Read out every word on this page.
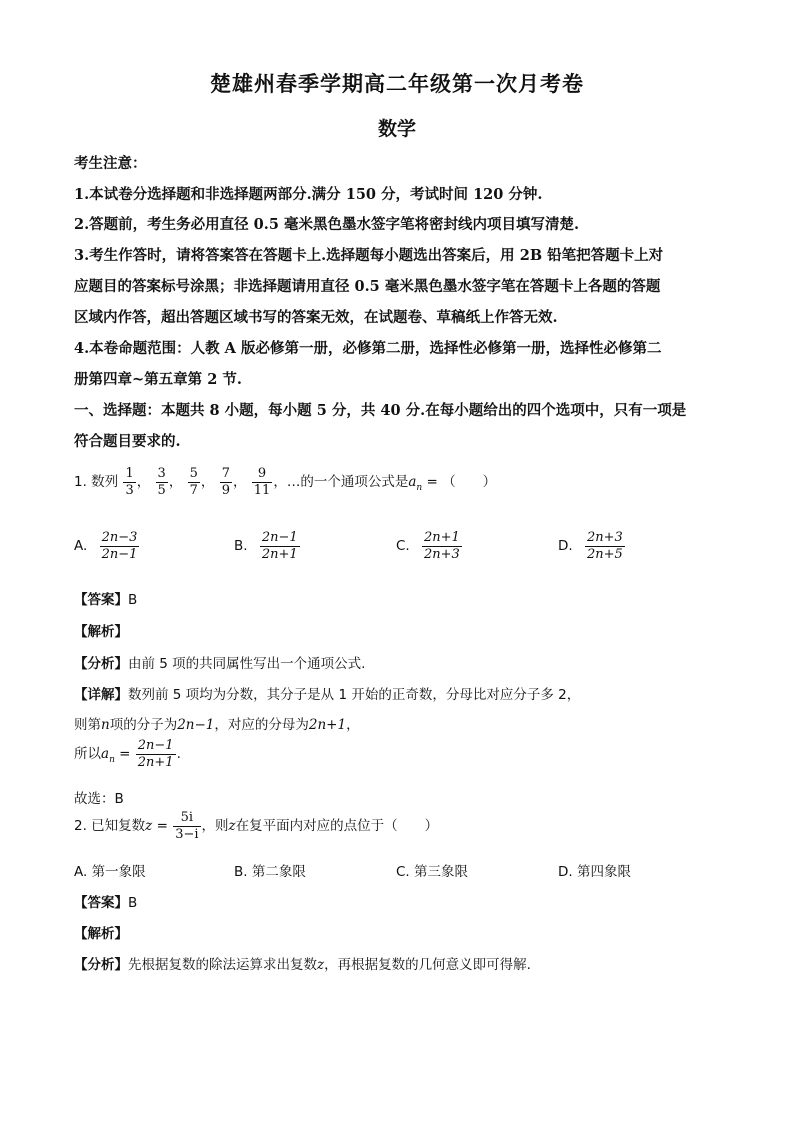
楚雄州春季学期高二年级第一次月考卷
数学
考生注意：
1.本试卷分选择题和非选择题两部分.满分 150 分，考试时间 120 分钟.
2.答题前，考生务必用直径 0.5 毫米黑色墨水签字笔将密封线内项目填写清楚.
3.考生作答时，请将答案答在答题卡上.选择题每小题选出答案后，用 2B 铅笔把答题卡上对
应题目的答案标号涂黑；非选择题请用直径 0.5 毫米黑色墨水签字笔在答题卡上各题的答题
区域内作答，超出答题区域书写的答案无效，在试题卷、草稿纸上作答无效.
4.本卷命题范围：人教 A 版必修第一册，必修第二册，选择性必修第一册，选择性必修第二
册第四章~第五章第 2 节.
一、选择题：本题共 8 小题，每小题 5 分，共 40 分.在每小题给出的四个选项中，只有一项是
符合题目要求的.
1. 数列 $\frac{1}{3}$ ， $\frac{3}{5}$ ， $\frac{5}{7}$ ， $\frac{7}{9}$ ， $\frac{9}{11}$ ，…的一个通项公式是$a_n$ = （　　）
A. $\frac{2n-3}{2n-1}$	B. $\frac{2n-1}{2n+1}$	C. $\frac{2n+1}{2n+3}$	D. $\frac{2n+3}{2n+5}$
【答案】B
【解析】
【分析】由前 5 项的共同属性写出一个通项公式.
【详解】数列前 5 项均为分数，其分子是从 1 开始的正奇数，分母比对应分子多 2，
则第n项的分子为2n−1，对应的分母为2n+1，
所以$a_n = \frac{2n-1}{2n+1}$ .
故选：B
2. 已知复数$z = \frac{5i}{3-i}$ ，则z在复平面内对应的点位于（　　）
A. 第一象限	B. 第二象限	C. 第三象限	D. 第四象限
【答案】B
【解析】
【分析】先根据复数的除法运算求出复数z，再根据复数的几何意义即可得解.
